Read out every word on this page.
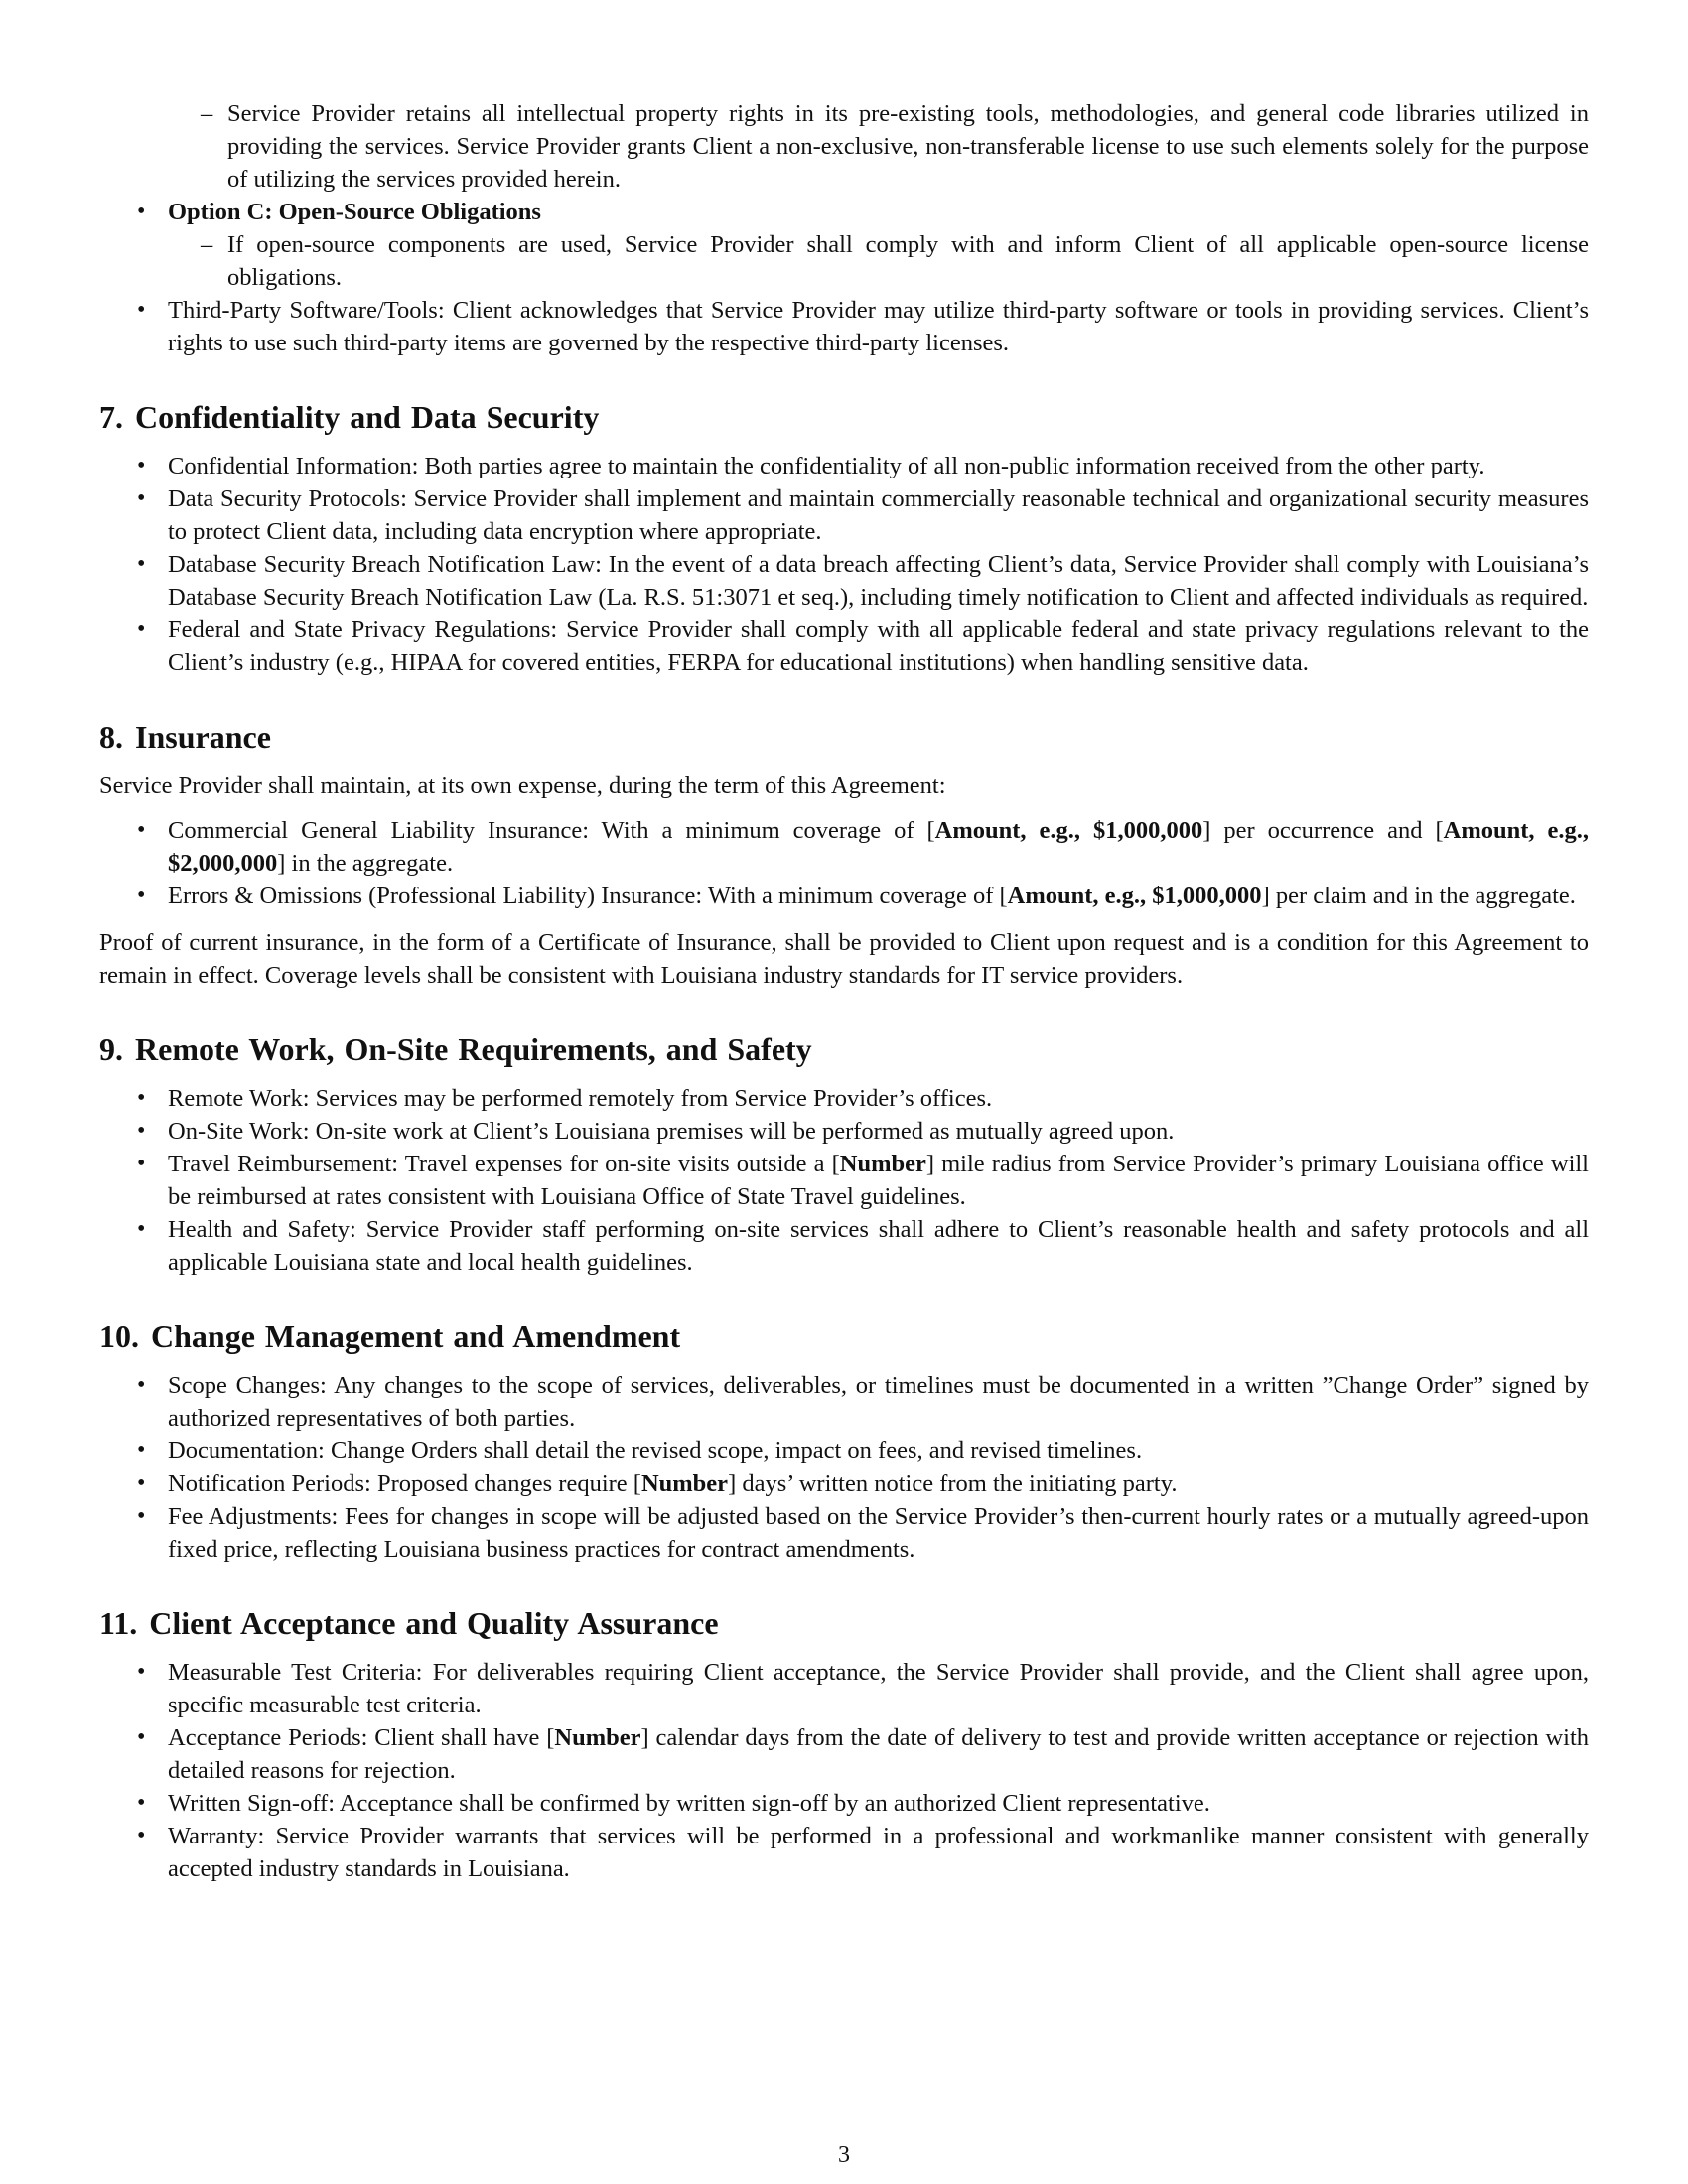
– Service Provider retains all intellectual property rights in its pre-existing tools, methodologies, and general code libraries utilized in providing the services. Service Provider grants Client a non-exclusive, non-transferable license to use such elements solely for the purpose of utilizing the services provided herein.
• Option C: Open-Source Obligations
– If open-source components are used, Service Provider shall comply with and inform Client of all applicable open-source license obligations.
• Third-Party Software/Tools: Client acknowledges that Service Provider may utilize third-party software or tools in providing services. Client’s rights to use such third-party items are governed by the respective third-party licenses.
7. Confidentiality and Data Security
• Confidential Information: Both parties agree to maintain the confidentiality of all non-public information received from the other party.
• Data Security Protocols: Service Provider shall implement and maintain commercially reasonable technical and organizational security measures to protect Client data, including data encryption where appropriate.
• Database Security Breach Notification Law: In the event of a data breach affecting Client’s data, Service Provider shall comply with Louisiana’s Database Security Breach Notification Law (La. R.S. 51:3071 et seq.), including timely notification to Client and affected individuals as required.
• Federal and State Privacy Regulations: Service Provider shall comply with all applicable federal and state privacy regulations relevant to the Client’s industry (e.g., HIPAA for covered entities, FERPA for educational institutions) when handling sensitive data.
8. Insurance

Service Provider shall maintain, at its own expense, during the term of this Agreement:

• Commercial General Liability Insurance: With a minimum coverage of [Amount, e.g., $1,000,000] per occurrence and [Amount, e.g., $2,000,000] in the aggregate.
• Errors & Omissions (Professional Liability) Insurance: With a minimum coverage of [Amount, e.g., $1,000,000] per claim and in the aggregate.

Proof of current insurance, in the form of a Certificate of Insurance, shall be provided to Client upon request and is a condition for this Agreement to remain in effect. Coverage levels shall be consistent with Louisiana industry standards for IT service providers.

9. Remote Work, On-Site Requirements, and Safety
• Remote Work: Services may be performed remotely from Service Provider’s offices.
• On-Site Work: On-site work at Client’s Louisiana premises will be performed as mutually agreed upon.
• Travel Reimbursement: Travel expenses for on-site visits outside a [Number] mile radius from Service Provider’s primary Louisiana office will be reimbursed at rates consistent with Louisiana Office of State Travel guidelines.
• Health and Safety: Service Provider staff performing on-site services shall adhere to Client’s reasonable health and safety protocols and all applicable Louisiana state and local health guidelines.
10. Change Management and Amendment
• Scope Changes: Any changes to the scope of services, deliverables, or timelines must be documented in a written ”Change Order” signed by authorized representatives of both parties.
• Documentation: Change Orders shall detail the revised scope, impact on fees, and revised timelines.
• Notification Periods: Proposed changes require [Number] days’ written notice from the initiating party.
• Fee Adjustments: Fees for changes in scope will be adjusted based on the Service Provider’s then-current hourly rates or a mutually agreed-upon fixed price, reflecting Louisiana business practices for contract amendments.
11. Client Acceptance and Quality Assurance
• Measurable Test Criteria: For deliverables requiring Client acceptance, the Service Provider shall provide, and the Client shall agree upon, specific measurable test criteria.
• Acceptance Periods: Client shall have [Number] calendar days from the date of delivery to test and provide written acceptance or rejection with detailed reasons for rejection.
• Written Sign-off: Acceptance shall be confirmed by written sign-off by an authorized Client representative.
• Warranty: Service Provider warrants that services will be performed in a professional and workmanlike manner consistent with generally accepted industry standards in Louisiana.
3
